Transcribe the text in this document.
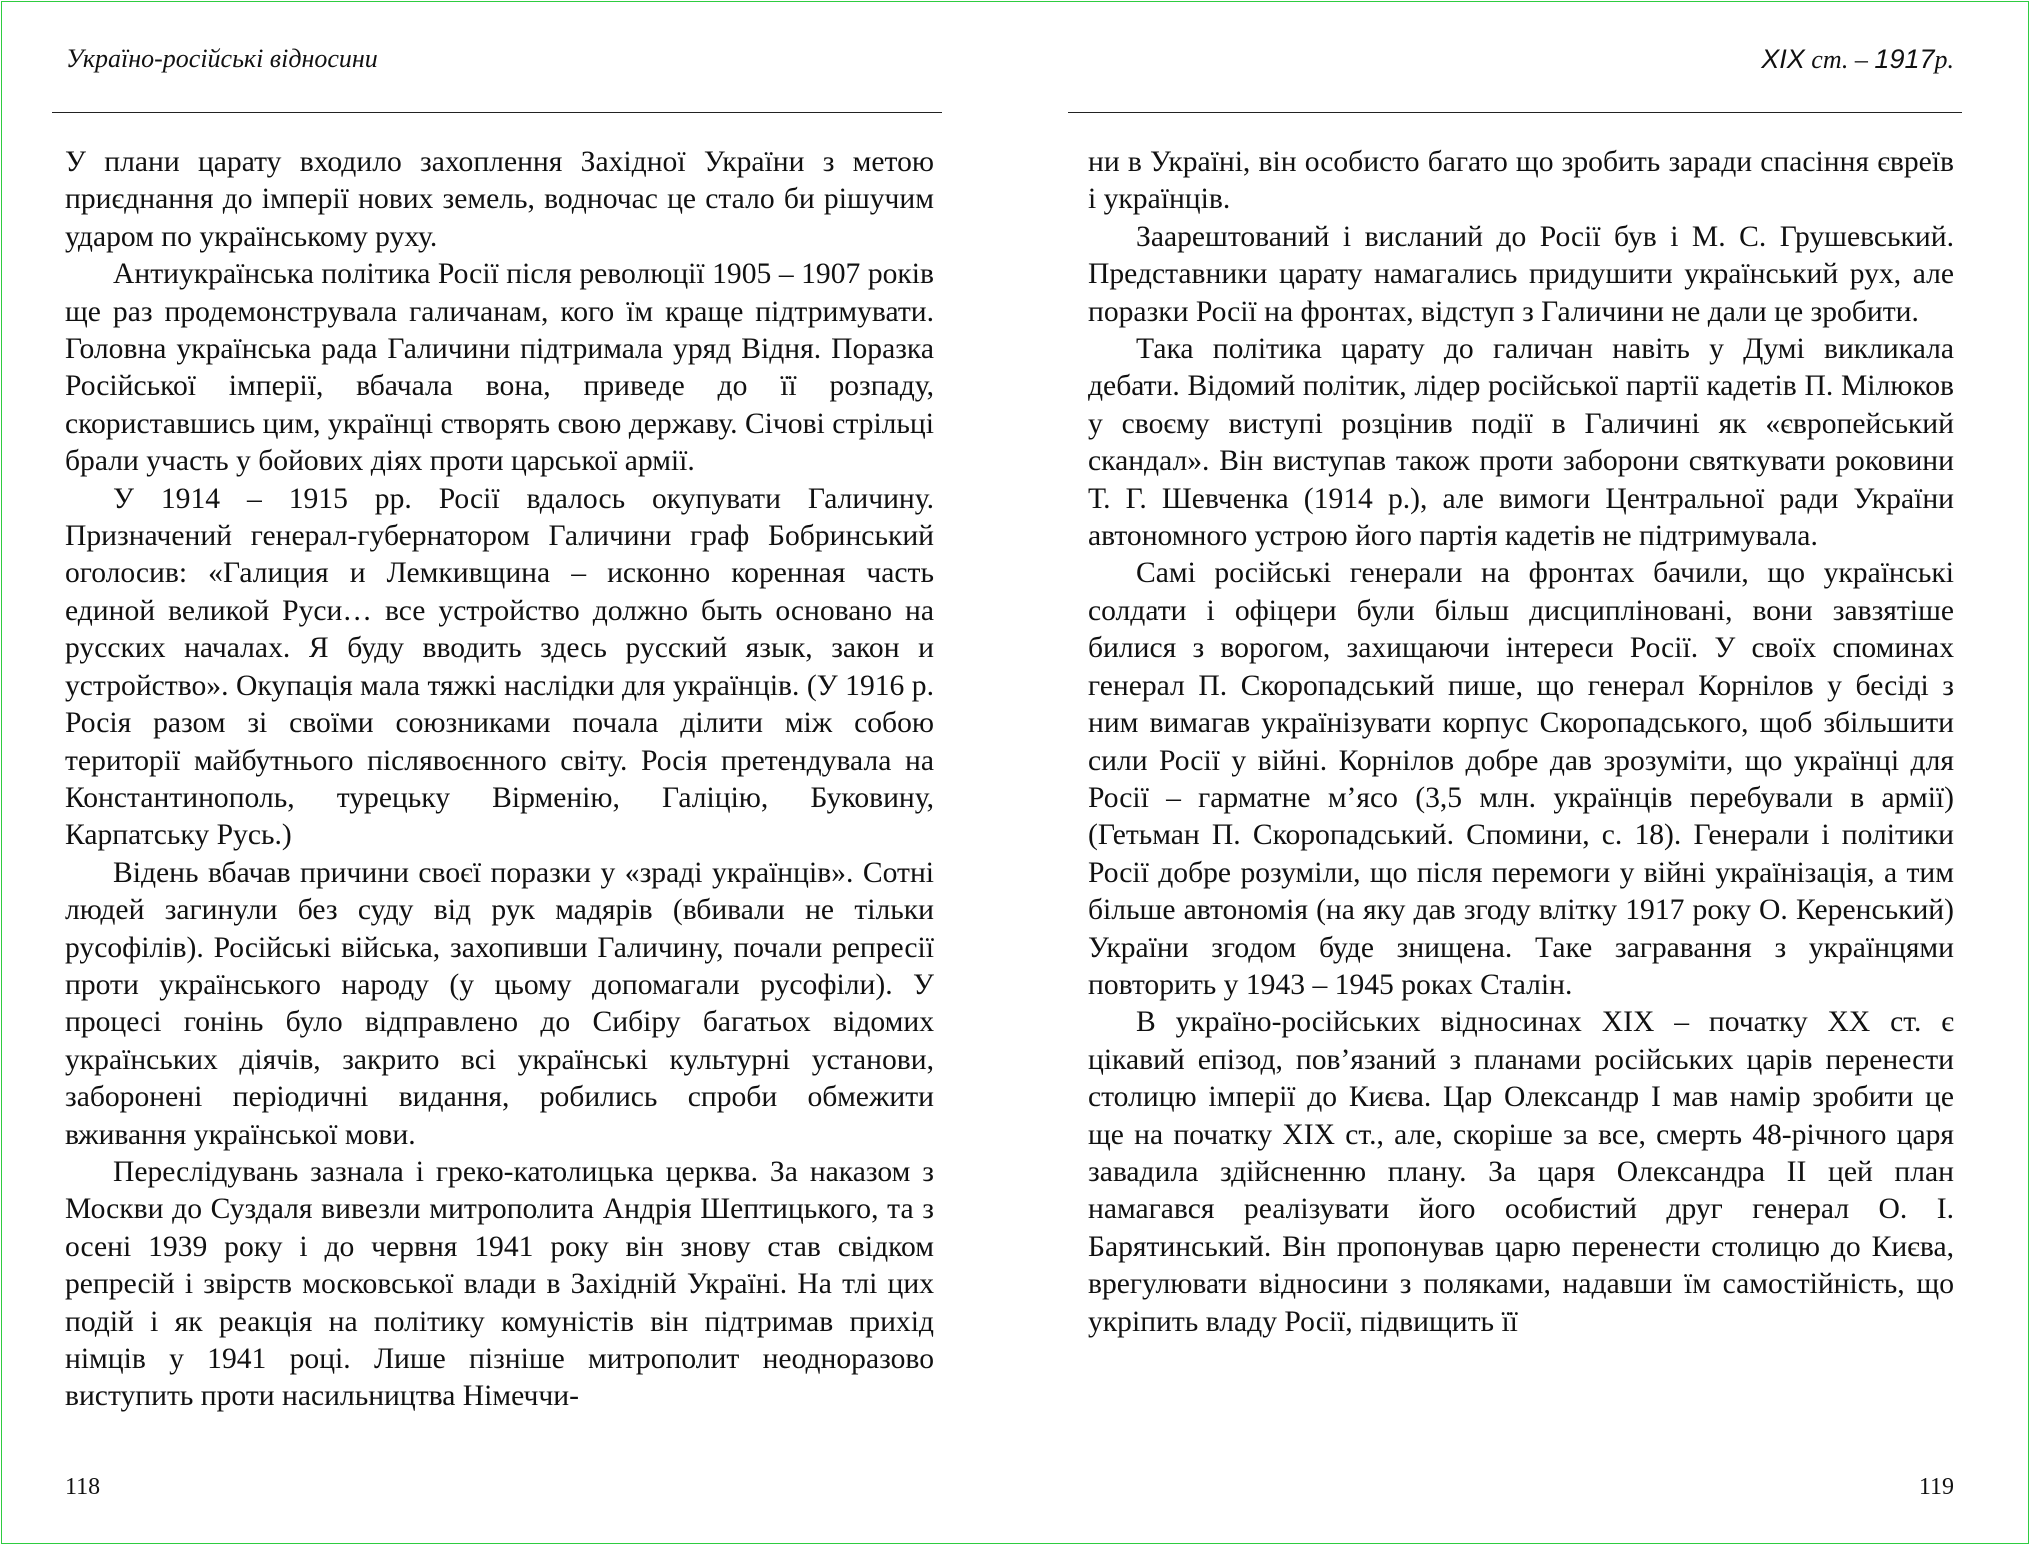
Україно-російські відносини

У плани царату входило захоплення Західної України з метою приєднання до імперії нових земель, водночас це стало би рішучим ударом по українському руху.

Антиукраїнська політика Росії після революції 1905 – 1907 років ще раз продемонструвала галичанам, кого їм краще підтримувати. Головна українська рада Галичини підтримала уряд Відня. Поразка Російської імперії, вбачала вона, приведе до її розпаду, скориставшись цим, українці створять свою державу. Січові стрільці брали участь у бойових діях проти царської армії.

У 1914 – 1915 рр. Росії вдалось окупувати Галичину. Призначений генерал-губернатором Галичини граф Бобринський оголосив: «Галиция и Лемкивщина – исконно коренная часть единой великой Руси… все устройство должно быть основано на русских началах. Я буду вводить здесь русский язык, закон и устройство». Окупація мала тяжкі наслідки для українців. (У 1916 р. Росія разом зі своїми союзниками почала ділити між собою території майбутнього післявоєнного світу. Росія претендувала на Константинополь, турецьку Вірменію, Галіцію, Буковину, Карпатську Русь.)

Відень вбачав причини своєї поразки у «зраді українців». Сотні людей загинули без суду від рук мадярів (вбивали не тільки русофілів). Російські війська, захопивши Галичину, почали репресії проти українського народу (у цьому допомагали русофіли). У процесі гонінь було відправлено до Сибіру багатьох відомих українських діячів, закрито всі українські культурні установи, заборонені періодичні видання, робились спроби обмежити вживання української мови.

Переслідувань зазнала і греко-католицька церква. За наказом з Москви до Суздаля вивезли митрополита Андрія Шептицького, та з осені 1939 року і до червня 1941 року він знову став свідком репресій і звірств московської влади в Західній Україні. На тлі цих подій і як реакція на політику комуністів він підтримав прихід німців у 1941 році. Лише пізніше митрополит неодноразово виступить проти насильництва Німеччи-

118
XIX ст. – 1917р.

ни в Україні, він особисто багато що зробить заради спасіння євреїв і українців.

Заарештований і висланий до Росії був і М. С. Грушевський. Представники царату намагались придушити український рух, але поразки Росії на фронтах, відступ з Галичини не дали це зробити.

Така політика царату до галичан навіть у Думі викликала дебати. Відомий політик, лідер російської партії кадетів П. Мілюков у своєму виступі розцінив події в Галичині як «європейський скандал». Він виступав також проти заборони святкувати роковини Т. Г. Шевченка (1914 р.), але вимоги Центральної ради України автономного устрою його партія кадетів не підтримувала.

Самі російські генерали на фронтах бачили, що українські солдати і офіцери були більш дисципліновані, вони завзятіше билися з ворогом, захищаючи інтереси Росії. У своїх споминах генерал П. Скоропадський пише, що генерал Корнілов у бесіді з ним вимагав українізувати корпус Скоропадського, щоб збільшити сили Росії у війні. Корнілов добре дав зрозуміти, що українці для Росії – гарматне м’ясо (3,5 млн. українців перебували в армії) (Гетьман П. Скоропадський. Спомини, с. 18). Генерали і політики Росії добре розуміли, що після перемоги у війні українізація, а тим більше автономія (на яку дав згоду влітку 1917 року О. Керенський) України згодом буде знищена. Таке загравання з українцями повторить у 1943 – 1945 роках Сталін.

В україно-російських відносинах XIX – початку XX ст. є цікавий епізод, пов’язаний з планами російських царів перенести столицю імперії до Києва. Цар Олександр І мав намір зробити це ще на початку XIX ст., але, скоріше за все, смерть 48-річного царя завадила здійсненню плану. За царя Олександра II цей план намагався реалізувати його особистий друг генерал О. І. Барятинський. Він пропонував царю перенести столицю до Києва, врегулювати відносини з поляками, надавши їм самостійність, що укріпить владу Росії, підвищить її

119
